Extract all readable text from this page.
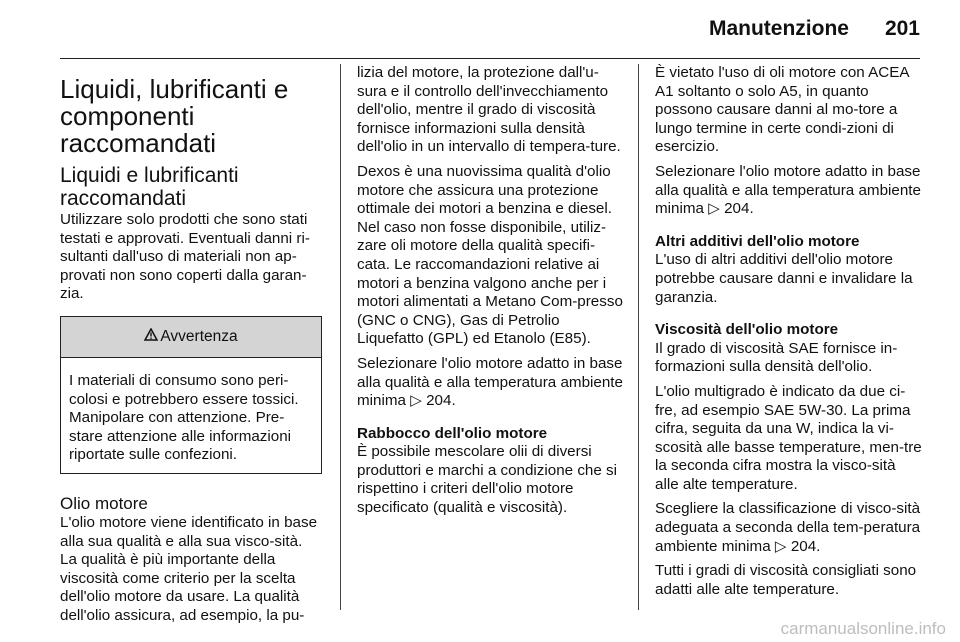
Manutenzione 201
Liquidi, lubrificanti e componenti raccomandati
Liquidi e lubrificanti raccomandati

Utilizzare solo prodotti che sono stati testati e approvati. Eventuali danni ri-sultanti dall'uso di materiali non ap-provati non sono coperti dalla garan-zia.

Avvertenza

I materiali di consumo sono peri-colosi e potrebbero essere tossici. Manipolare con attenzione. Pre-stare attenzione alle informazioni riportate sulle confezioni.

Olio motore

L'olio motore viene identificato in base alla sua qualità e alla sua visco-sità. La qualità è più importante della viscosità come criterio per la scelta dell'olio motore da usare. La qualità dell'olio assicura, ad esempio, la pu-

lizia del motore, la protezione dall'u-sura e il controllo dell'invecchiamento dell'olio, mentre il grado di viscosità fornisce informazioni sulla densità dell'olio in un intervallo di tempera-ture.

Dexos è una nuovissima qualità d'olio motore che assicura una protezione ottimale dei motori a benzina e diesel. Nel caso non fosse disponibile, utiliz-zare oli motore della qualità specifi-cata. Le raccomandazioni relative ai motori a benzina valgono anche per i motori alimentati a Metano Com-presso (GNC o CNG), Gas di Petrolio Liquefatto (GPL) ed Etanolo (E85).

Selezionare l'olio motore adatto in base alla qualità e alla temperatura ambiente minima ▷ 204.

Rabbocco dell'olio motore

È possibile mescolare olii di diversi produttori e marchi a condizione che si rispettino i criteri dell'olio motore specificato (qualità e viscosità).

È vietato l'uso di oli motore con ACEA A1 soltanto o solo A5, in quanto possono causare danni al mo-tore a lungo termine in certe condi-zioni di esercizio.

Selezionare l'olio motore adatto in base alla qualità e alla temperatura ambiente minima ▷ 204.

Altri additivi dell'olio motore

L'uso di altri additivi dell'olio motore potrebbe causare danni e invalidare la garanzia.

Viscosità dell'olio motore

Il grado di viscosità SAE fornisce in-formazioni sulla densità dell'olio.

L'olio multigrado è indicato da due ci-fre, ad esempio SAE 5W-30. La prima cifra, seguita da una W, indica la vi-scosità alle basse temperature, men-tre la seconda cifra mostra la visco-sità alle alte temperature.

Scegliere la classificazione di visco-sità adeguata a seconda della tem-peratura ambiente minima ▷ 204.

Tutti i gradi di viscosità consigliati sono adatti alle alte temperature.

carmanualsonline.info
